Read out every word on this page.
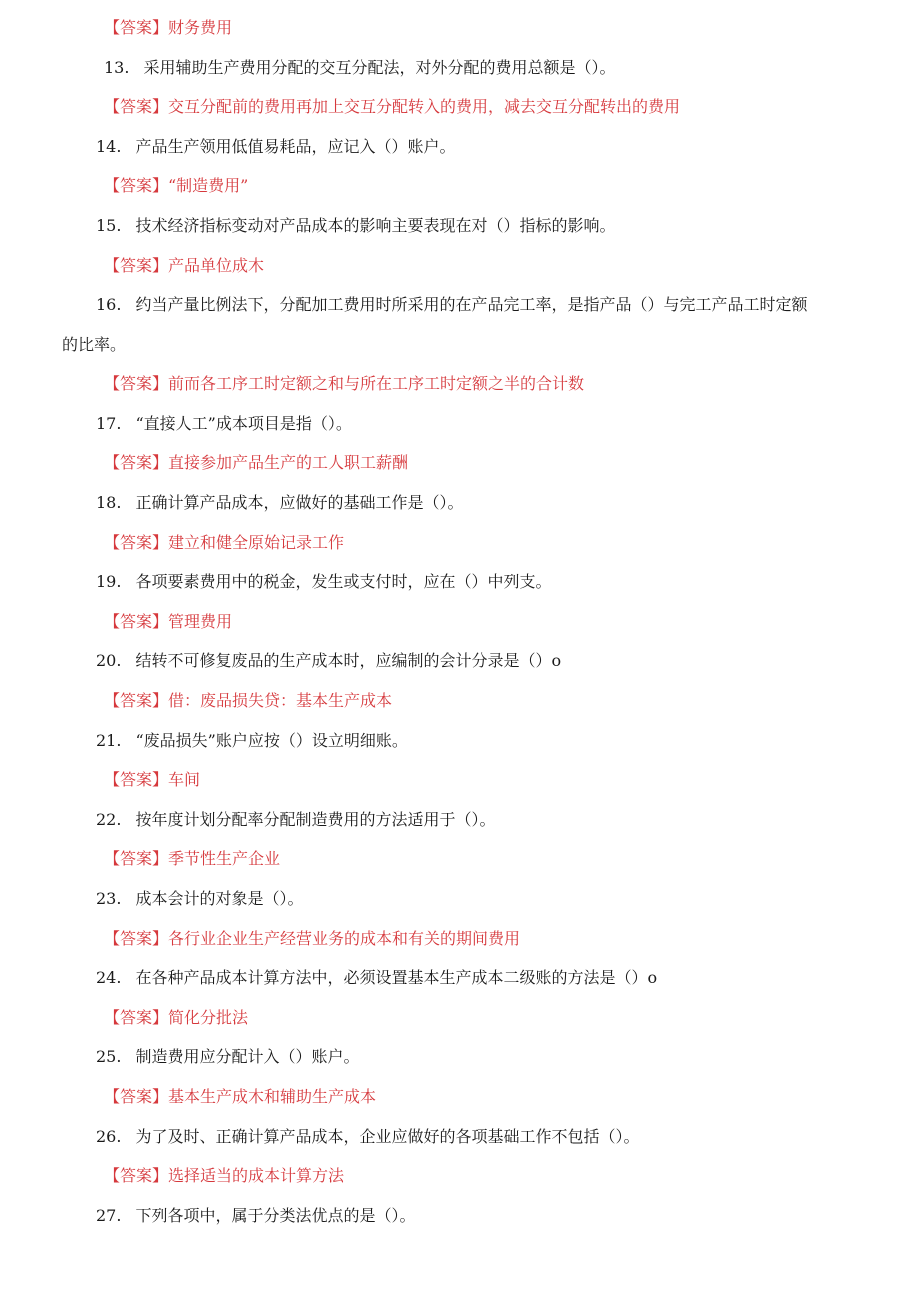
【答案】财务费用
13. 采用辅助生产费用分配的交互分配法，对外分配的费用总额是（）。
【答案】交互分配前的费用再加上交互分配转入的费用，减去交互分配转出的费用
14. 产品生产领用低值易耗品，应记入（）账户。
【答案】“制造费用”
15. 技术经济指标变动对产品成本的影响主要表现在对（）指标的影响。
【答案】产品单位成木
16. 约当产量比例法下，分配加工费用时所采用的在产品完工率，是指产品（）与完工产品工时定额
的比率。
【答案】前而各工序工时定额之和与所在工序工时定额之半的合计数
17. “直接人工”成本项目是指（）。
【答案】直接参加产品生产的工人职工薪酬
18. 正确计算产品成本，应做好的基础工作是（）。
【答案】建立和健全原始记录工作
19. 各项要素费用中的税金，发生或支付时，应在（）中列支。
【答案】管理费用
20. 结转不可修复废品的生产成本时，应编制的会计分录是（）o
【答案】借：废品损失贷：基本生产成本
21. “废品损失”账户应按（）设立明细账。
【答案】车间
22. 按年度计划分配率分配制造费用的方法适用于（）。
【答案】季节性生产企业
23. 成本会计的对象是（）。
【答案】各行业企业生产经营业务的成本和有关的期间费用
24. 在各种产品成本计算方法中，必须设置基本生产成本二级账的方法是（）o
【答案】简化分批法
25. 制造费用应分配计入（）账户。
【答案】基本生产成木和辅助生产成本
26. 为了及时、正确计算产品成本，企业应做好的各项基础工作不包括（）。
【答案】选择适当的成本计算方法
27. 下列各项中，属于分类法优点的是（）。
